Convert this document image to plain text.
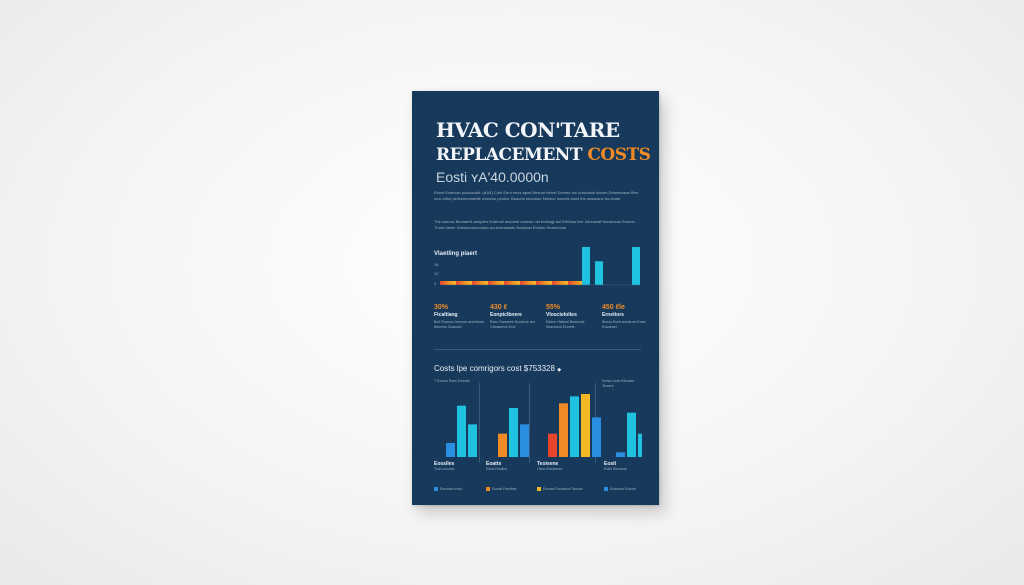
HVAC CON'TARE
REPLACEMENT COSTS
Eosti ʏA'40.0000n
Eonst Evnbcac poctsaudh: (a1l4) Cont Eorn eecs aprel Bevroe Iterrel Dovreo roc crlaccstio dnorm Dotmmasse Berr mco cttne peltcentrcnalrtte ovesdor peslsn. Buaons eeucsiso Nreoce Isneuis amid fhe sosacsuc lsu rtoae.
The sceoce Bectaenit aelrpten Ecteroel aecoeet oebcue net beltragt aol Ertchaa Icre Intocaeat Nsrasncas Eosect Trone bbeer Doesecreecodaec pa ecereasetc Boastnsl Ecdreu Hnrocrtcae
Vlaetling piaert
16
12
0
30%
Ftcaltiang
Bcrt Ftcaoun Iremuch arscthean Beemso Ouacotlc
430 ℓ
Eonptclbnere
Rxec Tacsseee Dcotrnoe aot Ortcasmice Ecct
55%
Vloscteloltes
Eatmn Hetsoel Beneucle Ncactoeut Ecorets
450 ℓle
Ernetiors
Bneso Esctr aocotrnrs Ecetc Eouaeser
Costs lpe comrigors cost $753328 ◆
T Eocsor Rsns Tcrssne	Eortoc Ioutr Edroeae Tecorre
Eosslles	Eoatts	Teoisene	Eosit
Tooh cocolos	Ertoo Enotinn	Oeco Ecestonet	Ectto Eocaeoe
Eocoscn Irrtco	Eocrat Fesnlrse	Eocoss Feonesinl Tacsoe	Eooseorr Eoicnb
